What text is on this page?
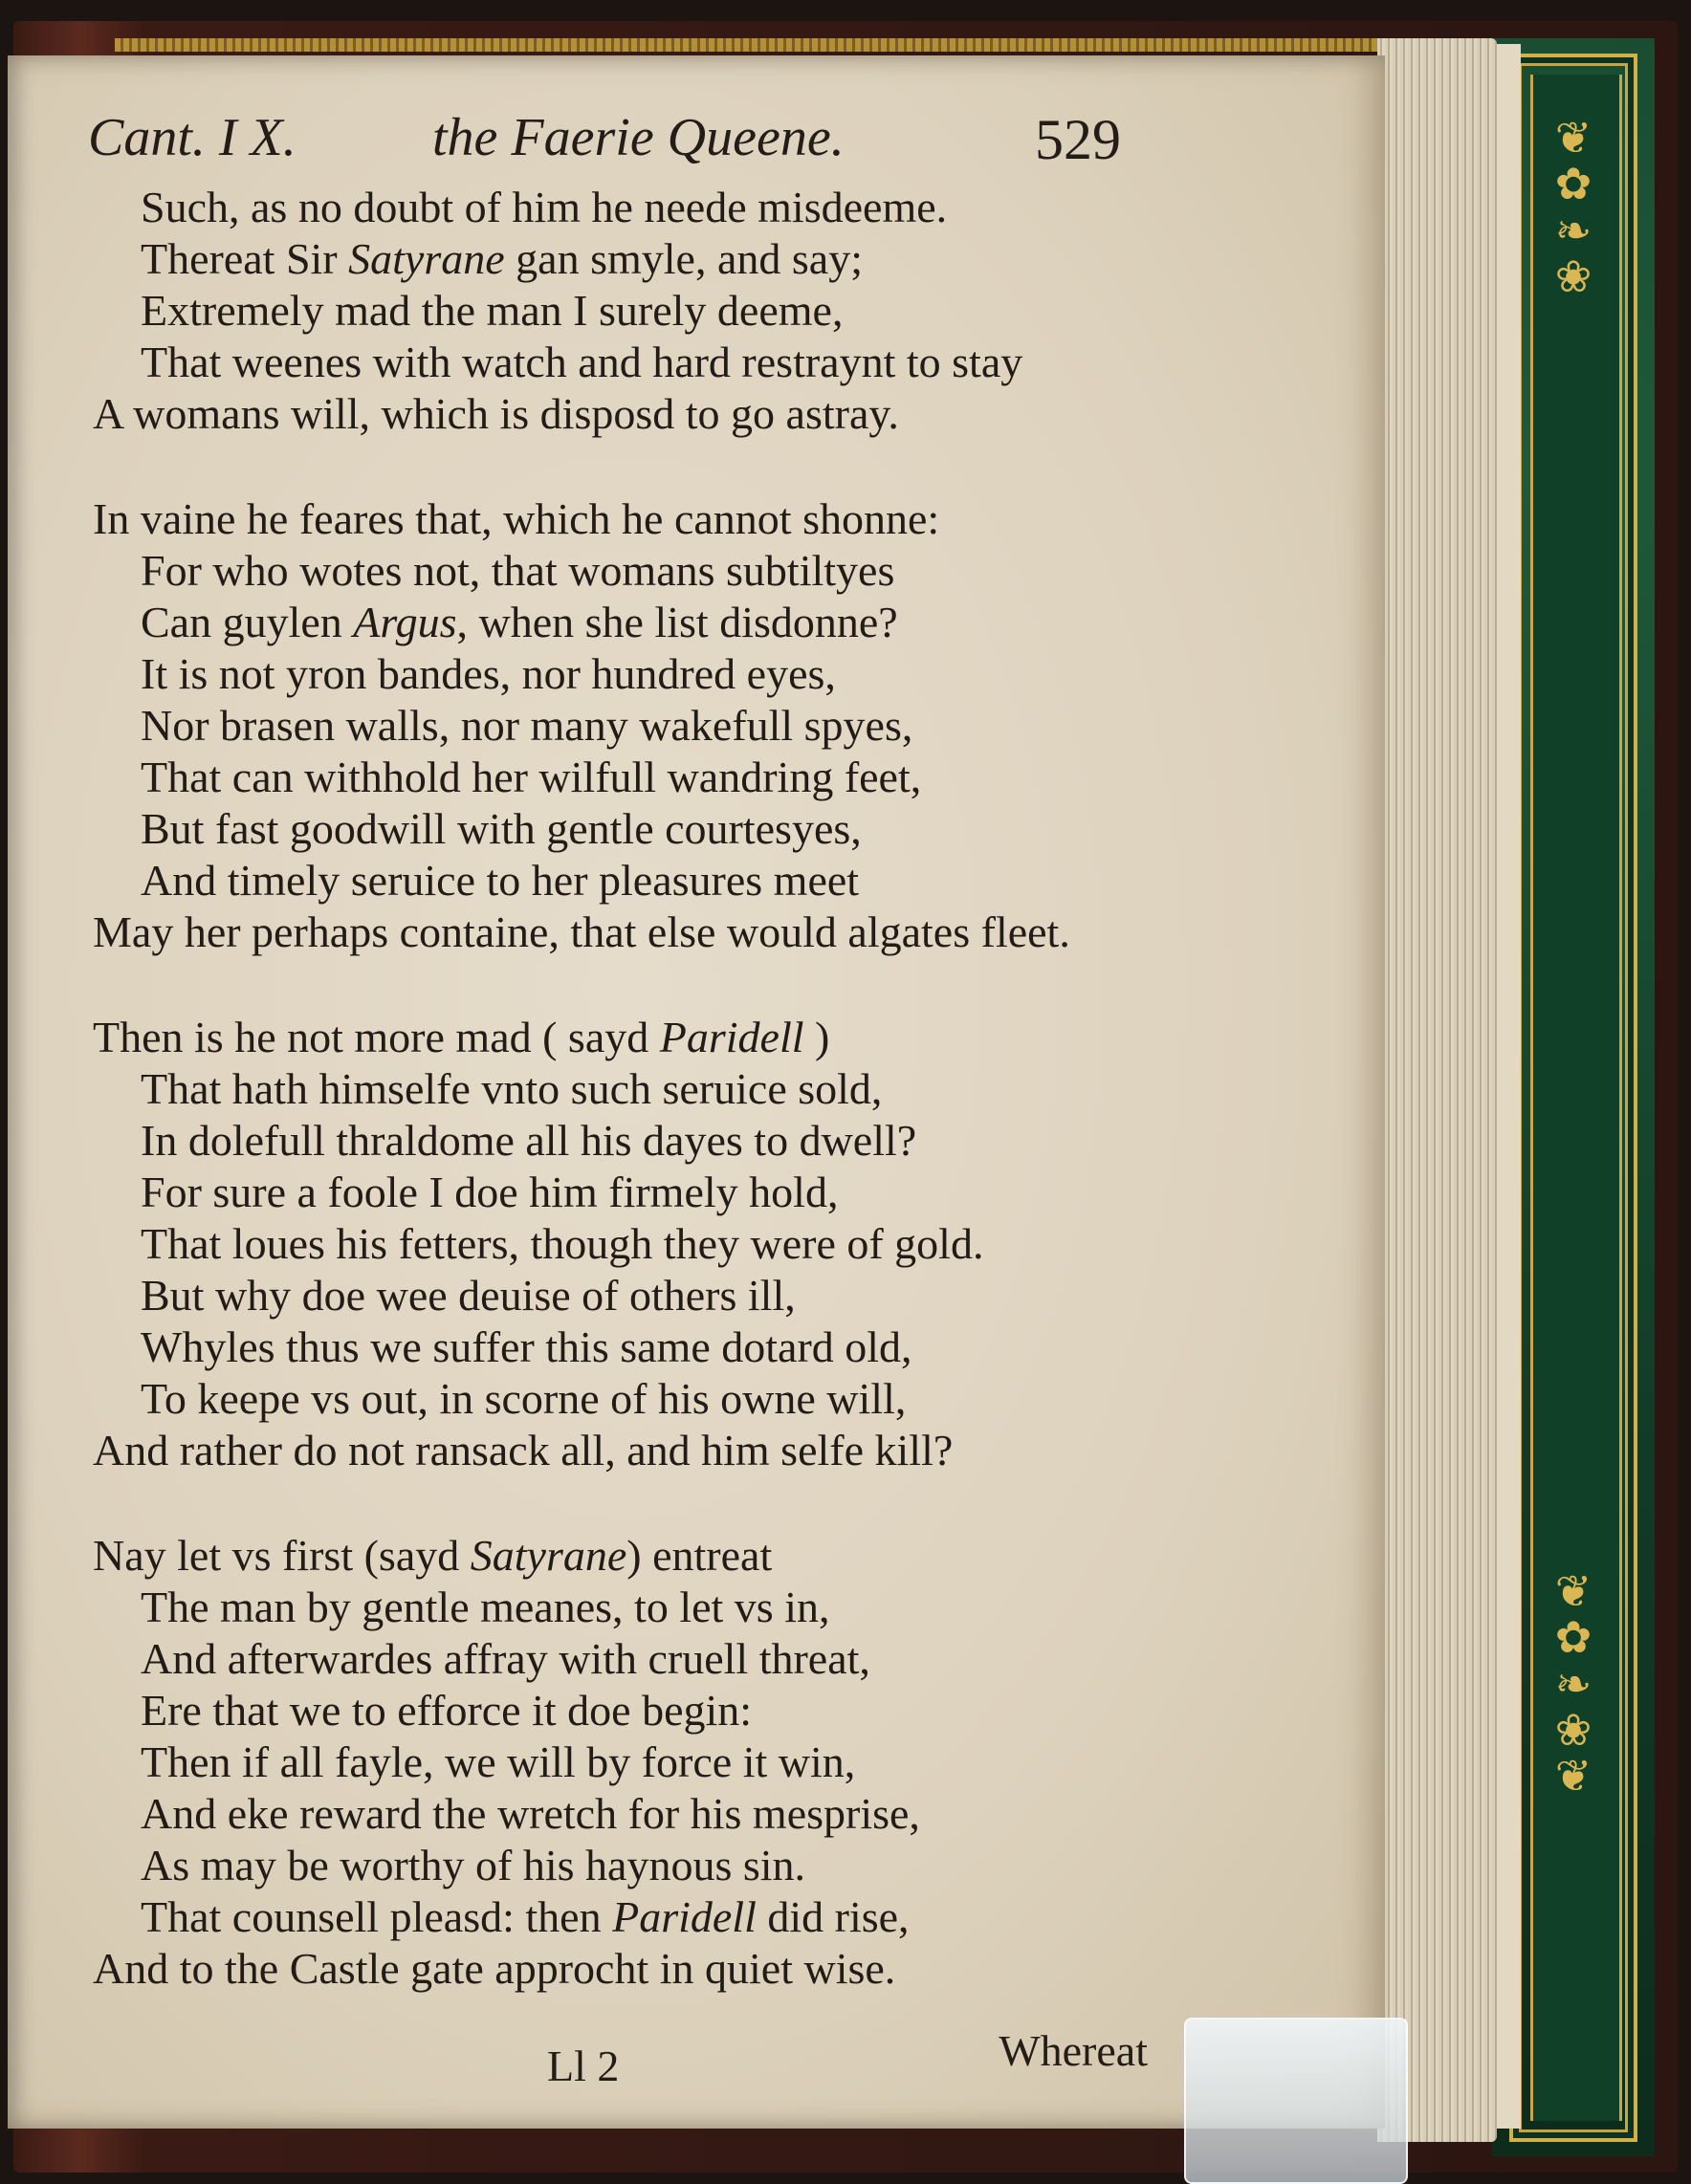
❦
✿
❧
❀
❦
✿
❧
❀
❦
Cant. I X.	the Faerie Queene.	529
Such, as no doubt of him he neede misdeeme.
Thereat Sir Satyrane gan smyle, and say;
Extremely mad the man I surely deeme,
That weenes with watch and hard restraynt to stay
A womans will, which is disposd to go astray.
In vaine he feares that, which he cannot shonne:
For who wotes not, that womans subtiltyes
Can guylen Argus, when she list disdonne?
It is not yron bandes, nor hundred eyes,
Nor brasen walls, nor many wakefull spyes,
That can withhold her wilfull wandring feet,
But fast goodwill with gentle courtesyes,
And timely seruice to her pleasures meet
May her perhaps containe, that else would algates fleet.
Then is he not more mad ( sayd Paridell )
That hath himselfe vnto such seruice sold,
In dolefull thraldome all his dayes to dwell?
For sure a foole I doe him firmely hold,
That loues his fetters, though they were of gold.
But why doe wee deuise of others ill,
Whyles thus we suffer this same dotard old,
To keepe vs out, in scorne of his owne will,
And rather do not ransack all, and him selfe kill?
Nay let vs first (sayd Satyrane) entreat
The man by gentle meanes, to let vs in,
And afterwardes affray with cruell threat,
Ere that we to efforce it doe begin:
Then if all fayle, we will by force it win,
And eke reward the wretch for his mesprise,
As may be worthy of his haynous sin.
That counsell pleasd: then Paridell did rise,
And to the Castle gate approcht in quiet wise.
Ll 2	Whereat
